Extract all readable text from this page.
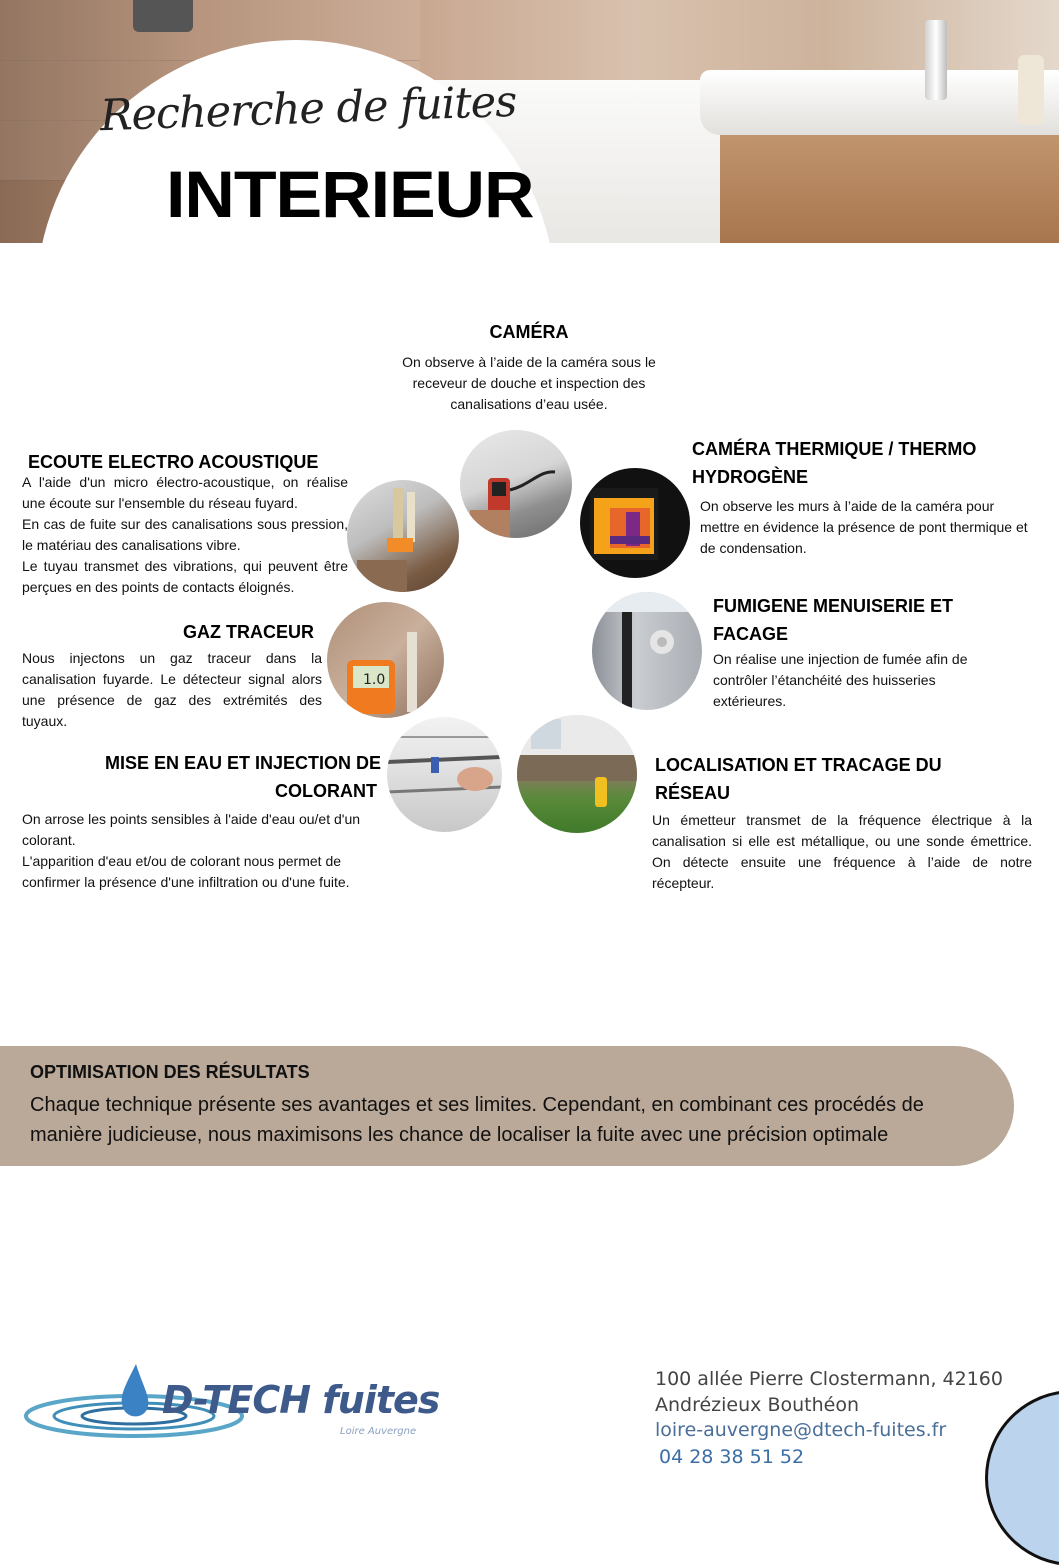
Recherche de fuites
INTERIEUR
1.0
CAMÉRA
On observe à l’aide de la caméra sous le receveur de douche et inspection des canalisations d’eau usée.
CAMÉRA THERMIQUE / THERMO
HYDROGÈNE
On observe les murs à l’aide de la caméra pour mettre en évidence la présence de pont thermique et de condensation.
FUMIGENE MENUISERIE ET
FACAGE
On réalise une injection de fumée afin de contrôler l’étanchéité des huisseries extérieures.
LOCALISATION ET TRACAGE DU
RÉSEAU
Un émetteur transmet de la fréquence électrique à la canalisation si elle est métallique, ou une sonde émettrice. On détecte ensuite une fréquence à l’aide de notre récepteur.
ECOUTE ELECTRO ACOUSTIQUE
A l'aide d'un micro électro-acoustique, on réalise une écoute sur l'ensemble du réseau fuyard.
En cas de fuite sur des canalisations sous pression, le matériau des canalisations vibre.
Le tuyau transmet des vibrations, qui peuvent être perçues en des points de contacts éloignés.
GAZ TRACEUR
Nous injectons un gaz traceur dans la canalisation fuyarde. Le détecteur signal alors une présence de gaz des extrémités des tuyaux.
MISE EN EAU ET INJECTION DE
COLORANT
On arrose les points sensibles à l'aide d'eau ou/et d'un colorant.
L'apparition d'eau et/ou de colorant nous permet de confirmer la présence d'une infiltration ou d'une fuite.
OPTIMISATION DES RÉSULTATS
Chaque technique présente ses avantages et ses limites. Cependant, en combinant ces procédés de manière judicieuse, nous maximisons les chance de localiser la fuite avec une précision optimale
D-TECH fuites
Loire Auvergne
100 allée Pierre Clostermann, 42160
Andrézieux Bouthéon
loire-auvergne@dtech-fuites.fr
04 28 38 51 52
